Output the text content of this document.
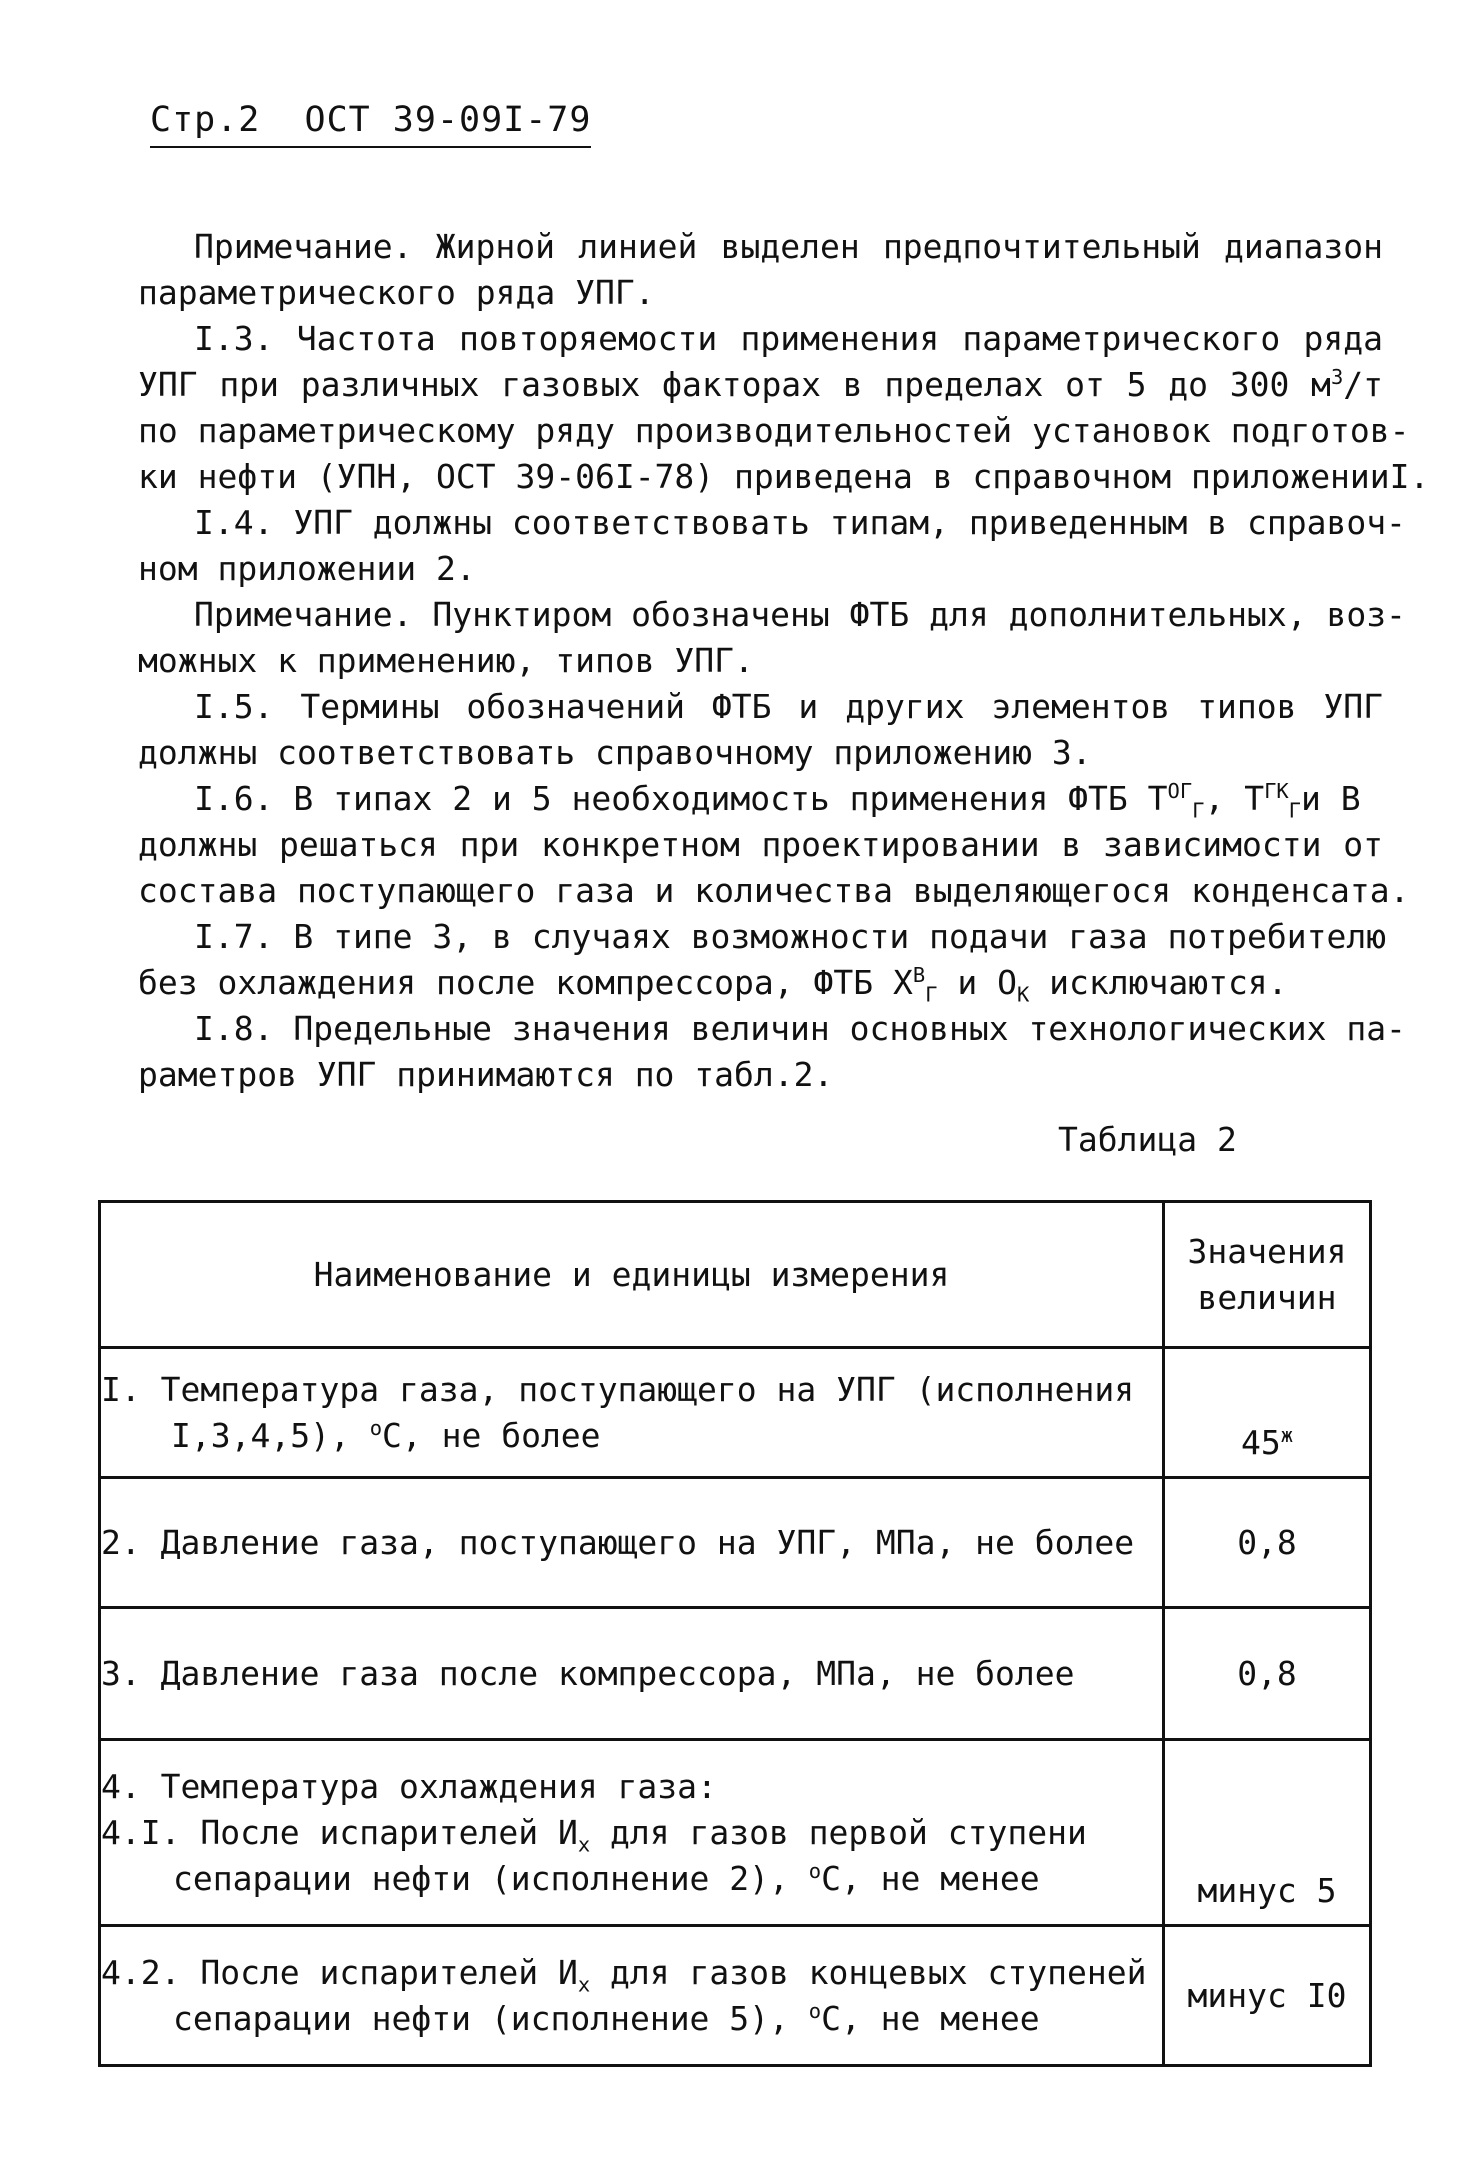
Стр.2 ОСТ 39-09I-79
Примечание. Жирной линией выделен предпочтительный диапазон
параметрического ряда УПГ.
I.3. Частота повторяемости применения параметрического ряда
УПГ при различных газовых факторах в пределах от 5 до 300 $м^3/т$
по параметрическому ряду производительностей установок подготов-
ки нефти (УПН, ОСТ 39-06I-78) приведена в справочном приложенииI.
I.4. УПГ должны соответствовать типам, приведенным в справоч-
ном приложении 2.
Примечание. Пунктиром обозначены ФТБ для дополнительных, воз-
можных к применению, типов УПГ.
I.5. Термины обозначений ФТБ и других элементов типов УПГ
должны соответствовать справочному приложению 3.
I.6. В типах 2 и 5 необходимость применения ФТБ $Т^{ОГ}_Г$, $Т^{ГК}_Ги$ В
должны решаться при конкретном проектировании в зависимости от
состава поступающего газа и количества выделяющегося конденсата.
I.7. В типе 3, в случаях возможности подачи газа потребителю
без охлаждения после компрессора, ФТБ $Х^В_Г$ и $О_К$ исключаются.
I.8. Предельные значения величин основных технологических па-
раметров УПГ принимаются по табл.2.
Таблица 2
Наименование и единицы измерения	Значения
величин

I. Температура газа, поступающего на УПГ (исполнения
I,3,4,5), $^о$С, не более	$45^ж$

2. Давление газа, поступающего на УПГ, МПа, не более	0,8

3. Давление газа после компрессора, МПа, не более	0,8

4. Температура охлаждения газа:
4.I. После испарителей $И_х$ для газов первой ступени
сепарации нефти (исполнение 2), $^о$С, не менее	минус 5

4.2. После испарителей $И_х$ для газов концевых ступеней
сепарации нефти (исполнение 5), $^о$С, не менее	минус I0
